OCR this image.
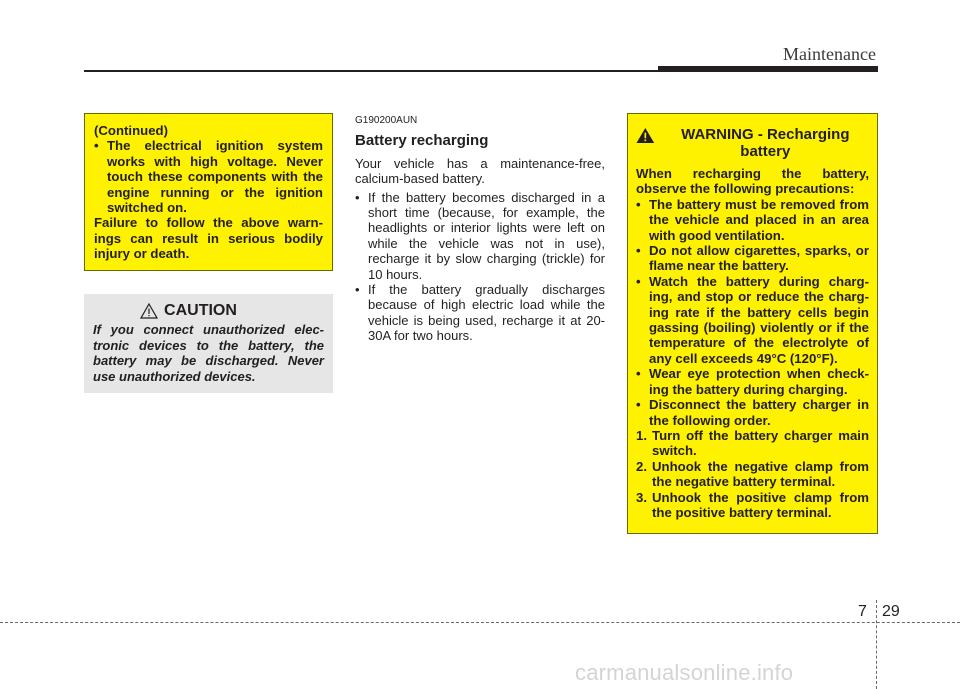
Maintenance

(Continued)

• The electrical ignition system works with high voltage. Never touch these components with the engine running or the ignition switched on.

Failure to follow the above warn-ings can result in serious bodily injury or death.

CAUTION
If you connect unauthorized elec-tronic devices to the battery, the battery may be discharged. Never use unauthorized devices.
G190200AUN
Battery recharging

Your vehicle has a maintenance-free, calcium-based battery.

• If the battery becomes discharged in a short time (because, for example, the headlights or interior lights were left on while the vehicle was not in use), recharge it by slow charging (trickle) for 10 hours.
• If the battery gradually discharges because of high electric load while the vehicle is being used, recharge it at 20-30A for two hours.
WARNING - Recharging battery

When recharging the battery, observe the following precautions:

• The battery must be removed from the vehicle and placed in an area with good ventilation.
• Do not allow cigarettes, sparks, or flame near the battery.
• Watch the battery during charg-ing, and stop or reduce the charg-ing rate if the battery cells begin gassing (boiling) violently or if the temperature of the electrolyte of any cell exceeds 49°C (120°F).
• Wear eye protection when check-ing the battery during charging.
• Disconnect the battery charger in the following order.
1. Turn off the battery charger main switch.
2. Unhook the negative clamp from the negative battery terminal.
3. Unhook the positive clamp from the positive battery terminal.
7 29
carmanualsonline.info
